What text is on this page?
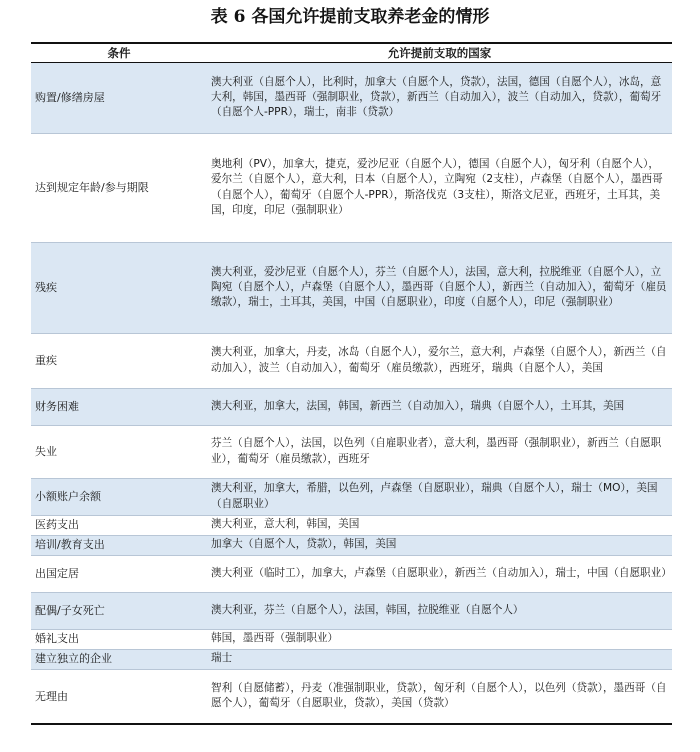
表 6 各国允许提前支取养老金的情形
条件	允许提前支取的国家
购置/修缮房屋	澳大利亚（自愿个人），比利时，加拿大（自愿个人，贷款），法国，德国（自愿个人），冰岛，意大利，韩国，墨西哥（强制职业，贷款），新西兰（自动加入），波兰（自动加入，贷款），葡萄牙（自愿个人-PPR），瑞士，南非（贷款）
达到规定年龄/参与期限	奥地利（PV），加拿大，捷克，爱沙尼亚（自愿个人），德国（自愿个人），匈牙利（自愿个人），爱尔兰（自愿个人），意大利，日本（自愿个人），立陶宛（2支柱），卢森堡（自愿个人），墨西哥（自愿个人），葡萄牙（自愿个人-PPR），斯洛伐克（3支柱），斯洛文尼亚，西班牙，土耳其，美国，印度，印尼（强制职业）
残疾	澳大利亚，爱沙尼亚（自愿个人），芬兰（自愿个人），法国，意大利，拉脱维亚（自愿个人），立陶宛（自愿个人），卢森堡（自愿个人），墨西哥（自愿个人），新西兰（自动加入），葡萄牙（雇员缴款），瑞士，土耳其，美国，中国（自愿职业），印度（自愿个人），印尼（强制职业）
重疾	澳大利亚，加拿大，丹麦，冰岛（自愿个人），爱尔兰，意大利，卢森堡（自愿个人），新西兰（自动加入），波兰（自动加入），葡萄牙（雇员缴款），西班牙，瑞典（自愿个人），美国
财务困难	澳大利亚，加拿大，法国，韩国，新西兰（自动加入），瑞典（自愿个人），土耳其，美国
失业	芬兰（自愿个人），法国，以色列（自雇职业者），意大利，墨西哥（强制职业），新西兰（自愿职业），葡萄牙（雇员缴款），西班牙
小额账户余额	澳大利亚，加拿大，希腊，以色列，卢森堡（自愿职业），瑞典（自愿个人），瑞士（MO），美国（自愿职业）
医药支出	澳大利亚，意大利，韩国，美国
培训/教育支出	加拿大（自愿个人，贷款），韩国，美国
出国定居	澳大利亚（临时工），加拿大，卢森堡（自愿职业），新西兰（自动加入），瑞士，中国（自愿职业）
配偶/子女死亡	澳大利亚，芬兰（自愿个人），法国，韩国，拉脱维亚（自愿个人）
婚礼支出	韩国，墨西哥（强制职业）
建立独立的企业	瑞士
无理由	智利（自愿储蓄），丹麦（准强制职业，贷款），匈牙利（自愿个人），以色列（贷款），墨西哥（自愿个人），葡萄牙（自愿职业，贷款），美国（贷款）
